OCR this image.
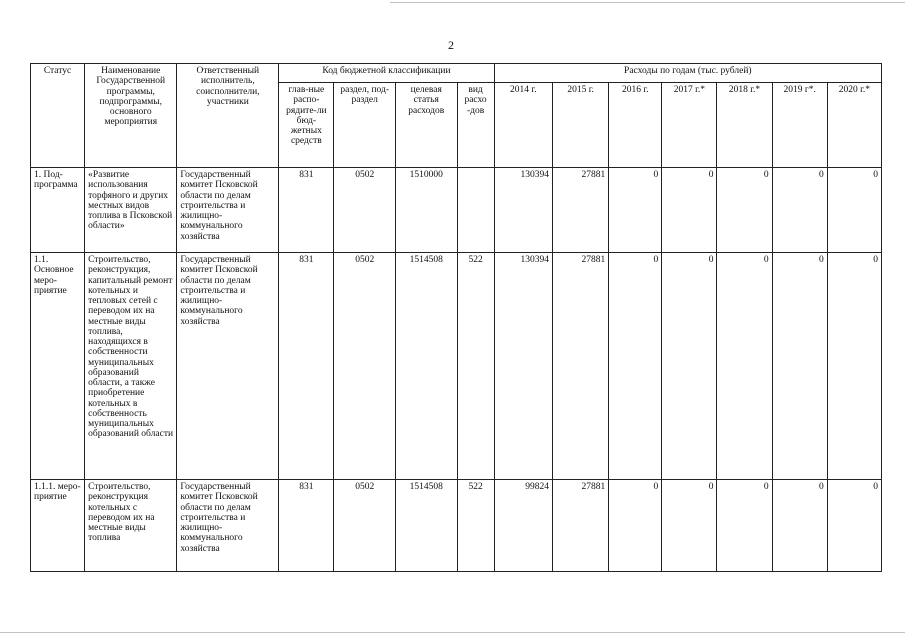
2
Статус	Наименование Государственной программы, подпрограммы, основного мероприятия	Ответственный исполнитель, соисполнители, участники	Код бюджетной классификации				Расходы по годам (тыс. рублей)						
			глав-ные распо-рядите-ли бюд-жетных средств	раздел, под-раздел	целевая статья расходов	вид расхо -дов	2014 г.	2015 г.	2016 г.	2017 г.*	2018 г.*	2019 г*.	2020 г.*
1. Под-программа	«Развитие использования торфяного и других местных видов топлива в Псковской области»	Государственный комитет Псковской области по делам строительства и жилищно-коммунального хозяйства	831	0502	1510000		130394	27881	0	0	0	0	0
1.1. Основное меро-приятие	Строительство, реконструкция, капитальный ремонт котельных и тепловых сетей с переводом их на местные виды топлива, находящихся в собственности муниципальных образований области, а также приобретение котельных в собственность муниципальных образований области	Государственный комитет Псковской области по делам строительства и жилищно-коммунального хозяйства	831	0502	1514508	522	130394	27881	0	0	0	0	0
1.1.1. меро-приятие	Строительство, реконструкция котельных с переводом их на местные виды топлива	Государственный комитет Псковской области по делам строительства и жилищно-коммунального хозяйства	831	0502	1514508	522	99824	27881	0	0	0	0	0
